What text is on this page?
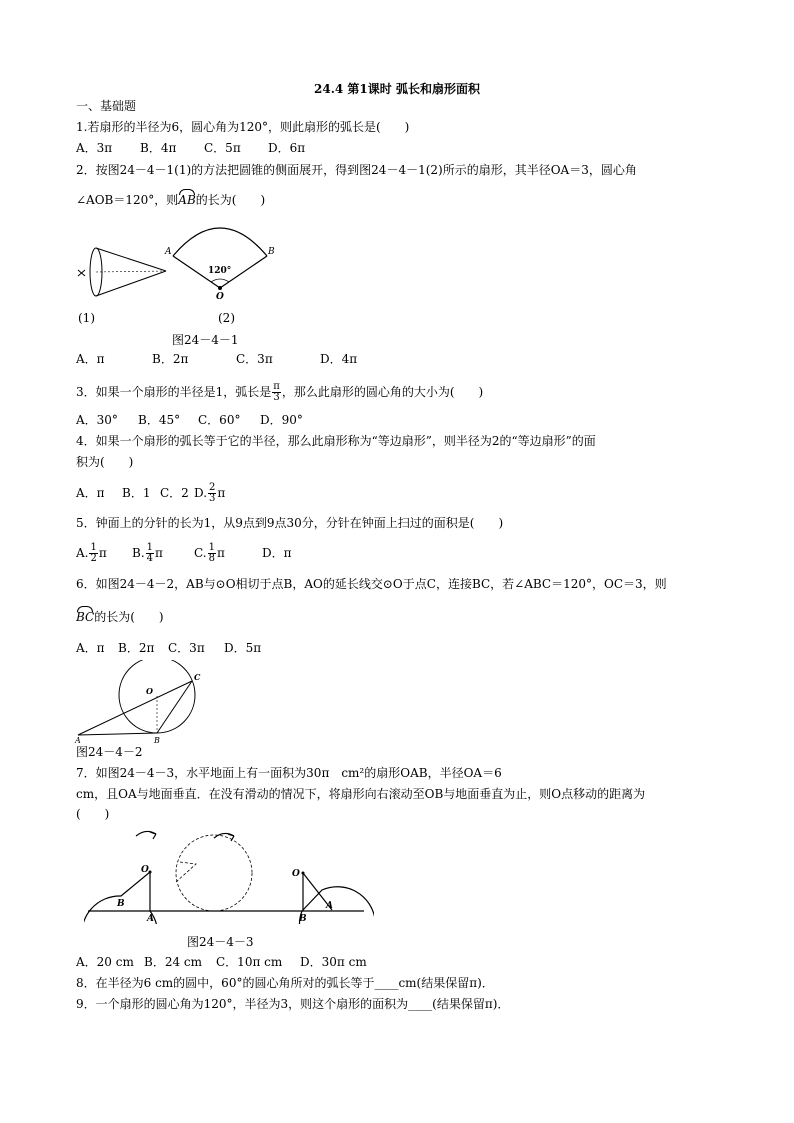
24.4 第1课时 弧长和扇形面积
一、基础题
1.若扇形的半径为6，圆心角为120°，则此扇形的弧长是(　　)
A．3π B．4π C．5π D．6π
2．按图24－4－1(1)的方法把圆锥的侧面展开，得到图24－4－1(2)所示的扇形，其半径OA＝3，圆心角
∠AOB＝120°，则AB的长为(　　)
A	B
120°
O
(1)	(2)
图24－4－1
A．π	B．2π	C．3π	D．4π
3．如果一个扇形的半径是1，弧长是 $\frac{\pi}{3}$ ，那么此扇形的圆心角的大小为(　　)
A．30° B．45° C．60° D．90°
4．如果一个扇形的弧长等于它的半径，那么此扇形称为“等边扇形”，则半径为2的“等边扇形”的面
积为(　　)
A．π B．1 C．2 D. $\frac{2}{3}$ π
5．钟面上的分针的长为1，从9点到9点30分，分针在钟面上扫过的面积是(　　)
A. $\frac{1}{2}$ π B. $\frac{1}{4}$ π	C. $\frac{1}{8}$ π	D．π
6．如图24－4－2，AB与⊙O相切于点B，AO的延长线交⊙O于点C，连接BC，若∠ABC＝120°，OC＝3，则
BC的长为(　　)
A．π B．2π C．3π D．5π
A	B
C
O
图24－4－2
7．如图24－4－3，水平地面上有一面积为30π　cm²的扇形OAB，半径OA＝6
cm，且OA与地面垂直．在没有滑动的情况下，将扇形向右滚动至OB与地面垂直为止，则O点移动的距离为
(　　)
O
B
A
O
B
A
图24－4－3
A．20 cm B．24 cm C．10π cm D．30π cm
8．在半径为6 cm的圆中，60°的圆心角所对的弧长等于____cm(结果保留π)．
9．一个扇形的圆心角为120°，半径为3，则这个扇形的面积为____(结果保留π)．
